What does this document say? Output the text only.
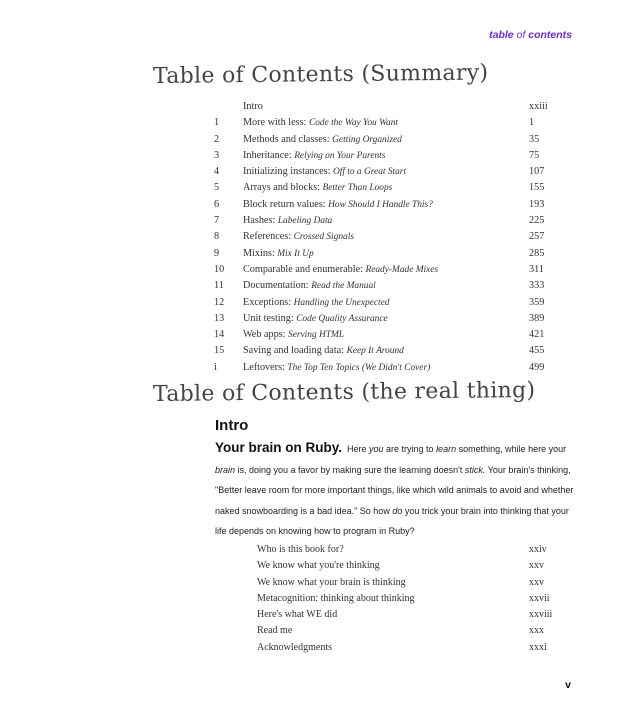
table of contents
Table of Contents (Summary)
Intro	xxiii
1 More with less: Code the Way You Want	1
2 Methods and classes: Getting Organized	35
3 Inheritance: Relying on Your Parents	75
4 Initializing instances: Off to a Great Start	107
5 Arrays and blocks: Better Than Loops	155
6 Block return values: How Should I Handle This?	193
7 Hashes: Labeling Data	225
8 References: Crossed Signals	257
9 Mixins: Mix It Up	285
10 Comparable and enumerable: Ready-Made Mixes	311
11 Documentation: Read the Manual	333
12 Exceptions: Handling the Unexpected	359
13 Unit testing: Code Quality Assurance	389
14 Web apps: Serving HTML	421
15 Saving and loading data: Keep It Around	455
i	Leftovers: The Top Ten Topics (We Didn't Cover)	499
Table of Contents (the real thing)
Intro

Your brain on Ruby. Here you are trying to learn something, while here your brain is, doing you a favor by making sure the learning doesn't stick. Your brain's thinking, "Better leave room for more important things, like which wild animals to avoid and whether naked snowboarding is a bad idea." So how do you trick your brain into thinking that your life depends on knowing how to program in Ruby?

Who is this book for?	xxiv
We know what you're thinking	xxv
We know what your brain is thinking	xxv
Metacognition: thinking about thinking	xxvii
Here's what WE did	xxviii
Read me	xxx
Acknowledgments	xxxi
v
